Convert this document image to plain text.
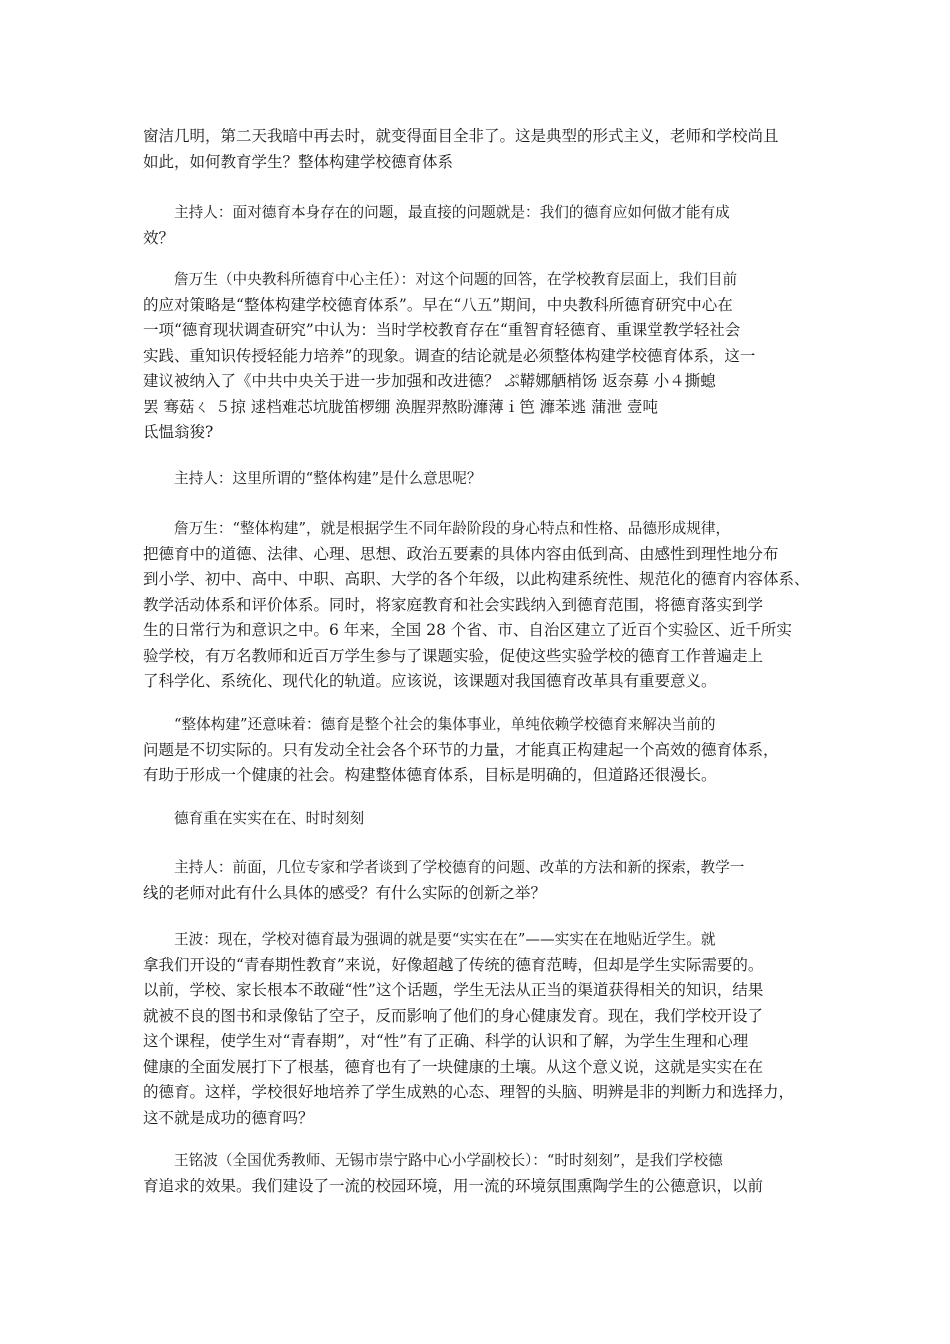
窗洁几明，第二天我暗中再去时，就变得面目全非了。这是典型的形式主义，老师和学校尚且
如此，如何教育学生？整体构建学校德育体系

主持人：面对德育本身存在的问题，最直接的问题就是：我们的德育应如何做才能有成
效？

詹万生（中央教科所德育中心主任）：对这个问题的回答，在学校教育层面上，我们目前
的应对策略是“整体构建学校德育体系”。早在“八五”期间，中央教科所德育研究中心在
一项“德育现状调查研究”中认为：当时学校教育存在“重智育轻德育、重课堂教学轻社会
实践、重知识传授轻能力培养”的现象。调查的结论就是必须整体构建学校德育体系，这一
建议被纳入了《中共中央关于进一步加强和改进德？ ぷ鞯娜舾梢饧 返奈募 小４撕螅
罢 骞菇ㄑ ５掠 逑档难芯坑胧笛椤绷 涣腥羿熬盼灖薄ｉ笆 灖苯逃 蒲泄 壹吨
氐愠翁狻?

主持人：这里所谓的“整体构建”是什么意思呢？

詹万生：“整体构建”，就是根据学生不同年龄阶段的身心特点和性格、品德形成规律，
把德育中的道德、法律、心理、思想、政治五要素的具体内容由低到高、由感性到理性地分布
到小学、初中、高中、中职、高职、大学的各个年级，以此构建系统性、规范化的德育内容体系、
教学活动体系和评价体系。同时，将家庭教育和社会实践纳入到德育范围，将德育落实到学
生的日常行为和意识之中。6 年来，全国 28 个省、市、自治区建立了近百个实验区、近千所实
验学校，有万名教师和近百万学生参与了课题实验，促使这些实验学校的德育工作普遍走上
了科学化、系统化、现代化的轨道。应该说，该课题对我国德育改革具有重要意义。

“整体构建”还意味着：德育是整个社会的集体事业，单纯依赖学校德育来解决当前的
问题是不切实际的。只有发动全社会各个环节的力量，才能真正构建起一个高效的德育体系，
有助于形成一个健康的社会。构建整体德育体系，目标是明确的，但道路还很漫长。

德育重在实实在在、时时刻刻

主持人：前面，几位专家和学者谈到了学校德育的问题、改革的方法和新的探索，教学一
线的老师对此有什么具体的感受？有什么实际的创新之举？

王波：现在，学校对德育最为强调的就是要“实实在在”——实实在在地贴近学生。就
拿我们开设的“青春期性教育”来说，好像超越了传统的德育范畴，但却是学生实际需要的。
以前，学校、家长根本不敢碰“性”这个话题，学生无法从正当的渠道获得相关的知识，结果
就被不良的图书和录像钻了空子，反而影响了他们的身心健康发育。现在，我们学校开设了
这个课程，使学生对“青春期”，对“性”有了正确、科学的认识和了解，为学生生理和心理
健康的全面发展打下了根基，德育也有了一块健康的土壤。从这个意义说，这就是实实在在
的德育。这样，学校很好地培养了学生成熟的心态、理智的头脑、明辨是非的判断力和选择力，
这不就是成功的德育吗？

王铭波（全国优秀教师、无锡市崇宁路中心小学副校长）：“时时刻刻”，是我们学校德
育追求的效果。我们建设了一流的校园环境，用一流的环境氛围熏陶学生的公德意识，以前
